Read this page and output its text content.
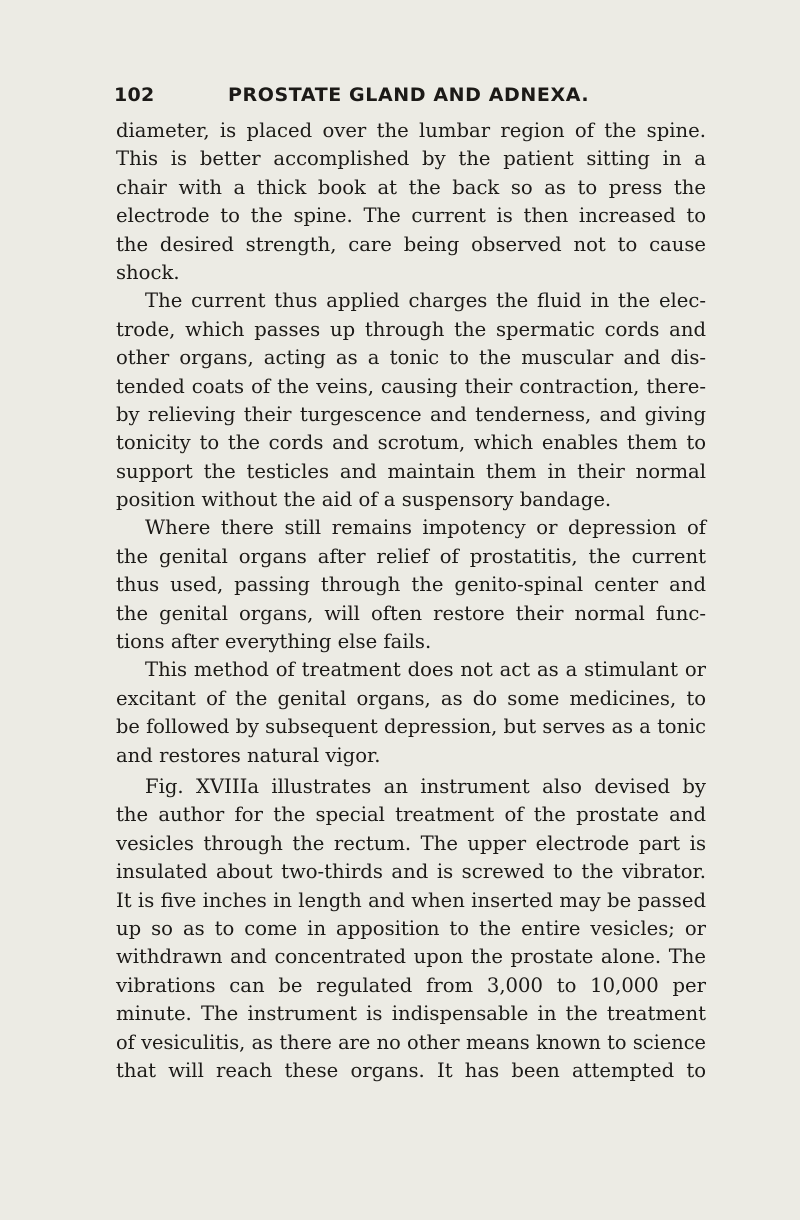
102	PROSTATE GLAND AND ADNEXA.
diameter, is placed over the lumbar region of the spine.
This is better accomplished by the patient sitting in a
chair with a thick book at the back so as to press the
electrode to the spine. The current is then increased to
the desired strength, care being observed not to cause
shock.
The current thus applied charges the fluid in the elec-
trode, which passes up through the spermatic cords and
other organs, acting as a tonic to the muscular and dis-
tended coats of the veins, causing their contraction, there-
by relieving their turgescence and tenderness, and giving
tonicity to the cords and scrotum, which enables them to
support the testicles and maintain them in their normal
position without the aid of a suspensory bandage.
Where there still remains impotency or depression of
the genital organs after relief of prostatitis, the current
thus used, passing through the genito-spinal center and
the genital organs, will often restore their normal func-
tions after everything else fails.
This method of treatment does not act as a stimulant or
excitant of the genital organs, as do some medicines, to
be followed by subsequent depression, but serves as a tonic
and restores natural vigor.
Fig. XVIIIa illustrates an instrument also devised by
the author for the special treatment of the prostate and
vesicles through the rectum. The upper electrode part is
insulated about two-thirds and is screwed to the vibrator.
It is five inches in length and when inserted may be passed
up so as to come in apposition to the entire vesicles; or
withdrawn and concentrated upon the prostate alone. The
vibrations can be regulated from 3,000 to 10,000 per
minute. The instrument is indispensable in the treatment
of vesiculitis, as there are no other means known to science
that will reach these organs. It has been attempted to
